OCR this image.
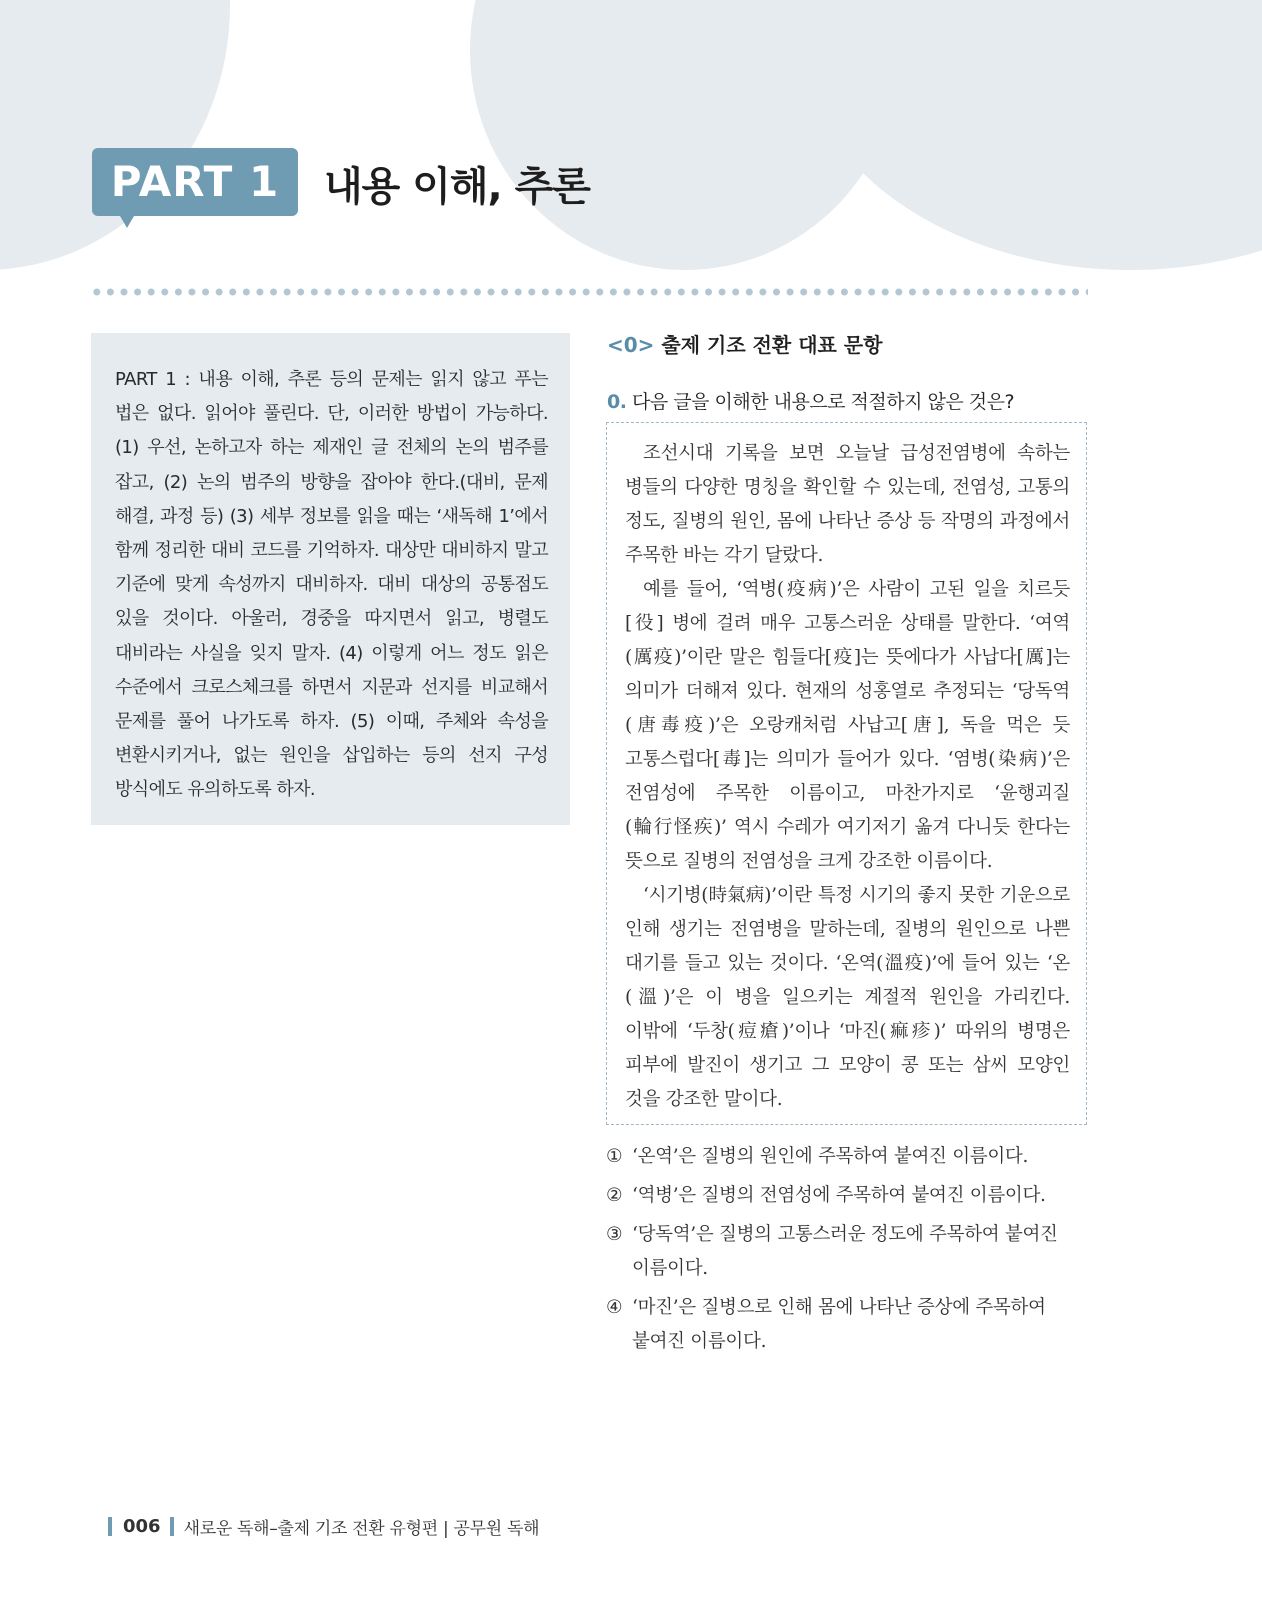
PART 1	내용 이해, 추론

PART 1 : 내용 이해, 추론 등의 문제는 읽지 않고 푸는 법은 없다. 읽어야 풀린다. 단, 이러한 방법이 가능하다. (1) 우선, 논하고자 하는 제재인 글 전체의 논의 범주를 잡고, (2) 논의 범주의 방향을 잡아야 한다.(대비, 문제 해결, 과정 등) (3) 세부 정보를 읽을 때는 ‘새독해 1’에서 함께 정리한 대비 코드를 기억하자. 대상만 대비하지 말고 기준에 맞게 속성까지 대비하자. 대비 대상의 공통점도 있을 것이다. 아울러, 경중을 따지면서 읽고, 병렬도 대비라는 사실을 잊지 말자. (4) 이렇게 어느 정도 읽은 수준에서 크로스체크를 하면서 지문과 선지를 비교해서 문제를 풀어 나가도록 하자. (5) 이때, 주체와 속성을 변환시키거나, 없는 원인을 삽입하는 등의 선지 구성 방식에도 유의하도록 하자.

<0> 출제 기조 전환 대표 문항
0. 다음 글을 이해한 내용으로 적절하지 않은 것은?

조선시대 기록을 보면 오늘날 급성전염병에 속하는 병들의 다양한 명칭을 확인할 수 있는데, 전염성, 고통의 정도, 질병의 원인, 몸에 나타난 증상 등 작명의 과정에서 주목한 바는 각기 달랐다.

예를 들어, ‘역병(疫病)’은 사람이 고된 일을 치르듯[役] 병에 걸려 매우 고통스러운 상태를 말한다. ‘여역(厲疫)’이란 말은 힘들다[疫]는 뜻에다가 사납다[厲]는 의미가 더해져 있다. 현재의 성홍열로 추정되는 ‘당독역(唐毒疫)’은 오랑캐처럼 사납고[唐], 독을 먹은 듯 고통스럽다[毒]는 의미가 들어가 있다. ‘염병(染病)’은 전염성에 주목한 이름이고, 마찬가지로 ‘윤행괴질(輪行怪疾)’ 역시 수레가 여기저기 옮겨 다니듯 한다는 뜻으로 질병의 전염성을 크게 강조한 이름이다.

‘시기병(時氣病)’이란 특정 시기의 좋지 못한 기운으로 인해 생기는 전염병을 말하는데, 질병의 원인으로 나쁜 대기를 들고 있는 것이다. ‘온역(溫疫)’에 들어 있는 ‘온(溫)’은 이 병을 일으키는 계절적 원인을 가리킨다. 이밖에 ‘두창(痘瘡)’이나 ‘마진(痲疹)’ 따위의 병명은 피부에 발진이 생기고 그 모양이 콩 또는 삼씨 모양인 것을 강조한 말이다.

① ‘온역’은 질병의 원인에 주목하여 붙여진 이름이다.
② ‘역병’은 질병의 전염성에 주목하여 붙여진 이름이다.
③ ‘당독역’은 질병의 고통스러운 정도에 주목하여 붙여진 이름이다.
④ ‘마진’은 질병으로 인해 몸에 나타난 증상에 주목하여 붙여진 이름이다.
006 새로운 독해–출제 기조 전환 유형편 | 공무원 독해
